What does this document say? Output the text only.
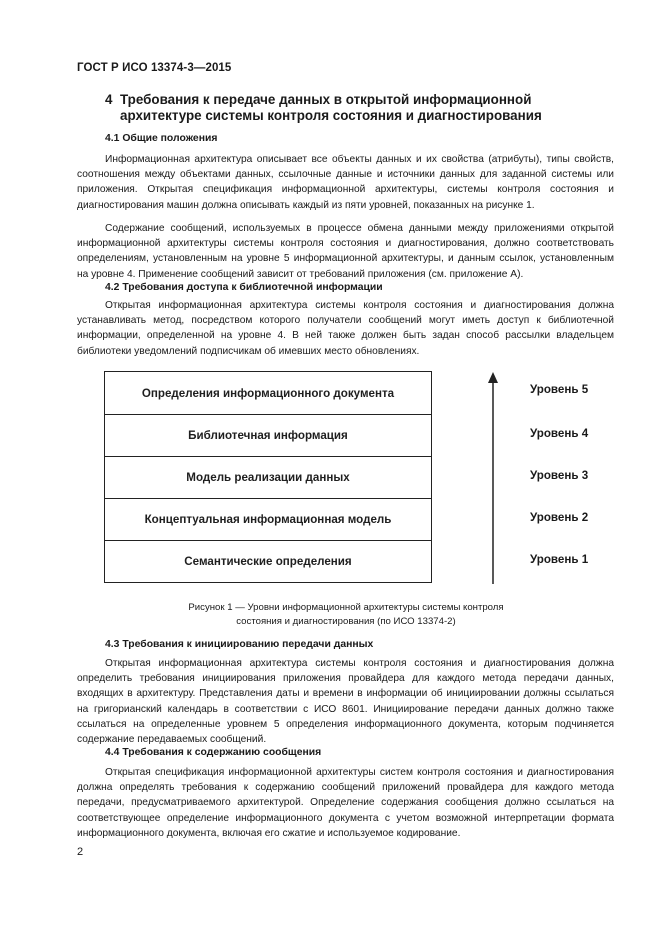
ГОСТ Р ИСО 13374-3—2015
4 Требования к передаче данных в открытой информационной архитектуре системы контроля состояния и диагностирования
4.1 Общие положения
Информационная архитектура описывает все объекты данных и их свойства (атрибуты), типы свойств, соотношения между объектами данных, ссылочные данные и источники данных для заданной системы или приложения. Открытая спецификация информационной архитектуры, системы контроля состояния и диагностирования машин должна описывать каждый из пяти уровней, показанных на рисунке 1.
Содержание сообщений, используемых в процессе обмена данными между приложениями открытой информационной архитектуры системы контроля состояния и диагностирования, должно соответствовать определениям, установленным на уровне 5 информационной архитектуры, и данным ссылок, установленным на уровне 4. Применение сообщений зависит от требований приложения (см. приложение А).
4.2 Требования доступа к библиотечной информации
Открытая информационная архитектура системы контроля состояния и диагностирования должна устанавливать метод, посредством которого получатели сообщений могут иметь доступ к библиотечной информации, определенной на уровне 4. В ней также должен быть задан способ рассылки владельцем библиотеки уведомлений подписчикам об имевших место обновлениях.
Определения информационного документа
Библиотечная информация
Модель реализации данных
Концептуальная информационная модель
Семантические определения
Уровень 5
Уровень 4
Уровень 3
Уровень 2
Уровень 1
Рисунок 1 — Уровни информационной архитектуры системы контроля
состояния и диагностирования (по ИСО 13374-2)
4.3 Требования к инициированию передачи данных
Открытая информационная архитектура системы контроля состояния и диагностирования должна определить требования инициирования приложения провайдера для каждого метода передачи данных, входящих в архитектуру. Представления даты и времени в информации об инициировании должны ссылаться на григорианский календарь в соответствии с ИСО 8601. Инициирование передачи данных должно также ссылаться на определенные уровнем 5 определения информационного документа, которым подчиняется содержание передаваемых сообщений.
4.4 Требования к содержанию сообщения
Открытая спецификация информационной архитектуры систем контроля состояния и диагностирования должна определять требования к содержанию сообщений приложений провайдера для каждого метода передачи, предусматриваемого архитектурой. Определение содержания сообщения должно ссылаться на соответствующее определение информационного документа с учетом возможной интерпретации формата информационного документа, включая его сжатие и используемое кодирование.
2
